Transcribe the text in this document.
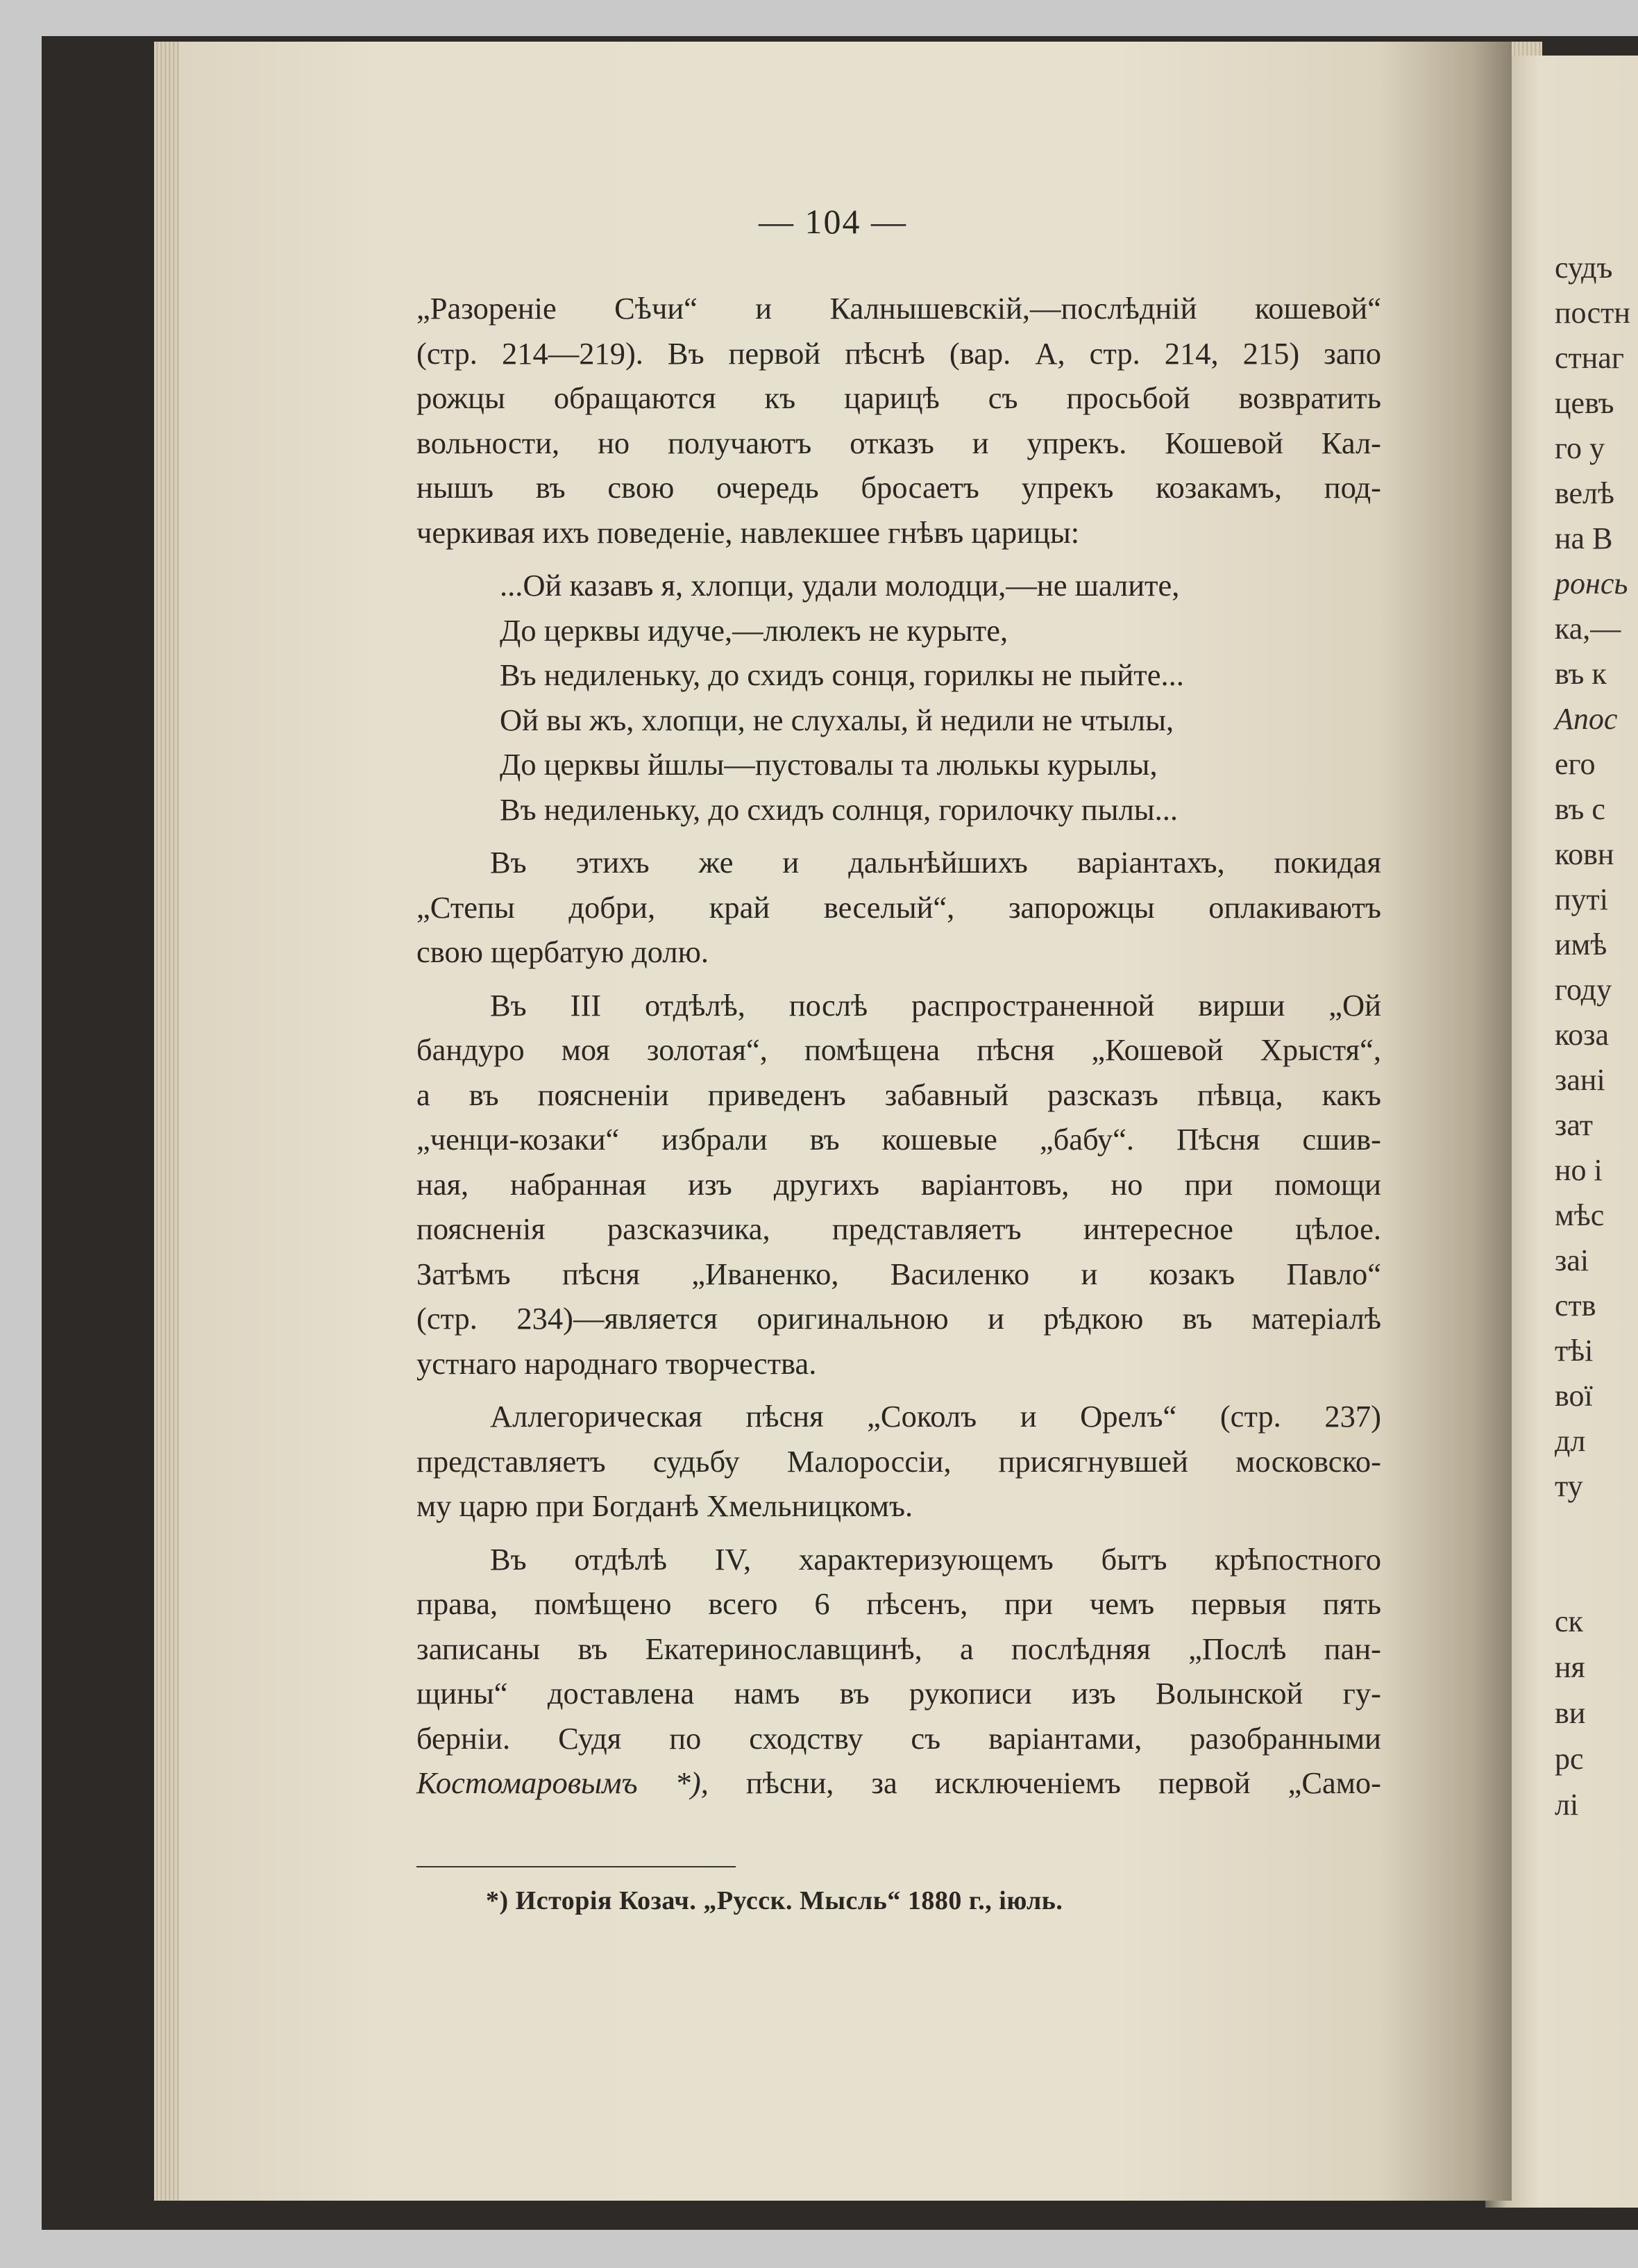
судъ
постн
стнаг
цевъ
го у
велѣ
на В
ронсь
ка,—
въ к
Апос
его
въ с
ковн
путі
имѣ
году
коза
зані
зат
но і
мѣс
заі
ств
тѣі
вої
дл
ту
ск
ня
ви
рс
лі
— 104 —
„Разореніе Сѣчи“ и Калнышевскій,—послѣдній кошевой“
(стр. 214—219). Въ первой пѣснѣ (вар. А, стр. 214, 215) запо
рожцы обращаются къ царицѣ съ просьбой возвратить
вольности, но получаютъ отказъ и упрекъ. Кошевой Кал-
нышъ въ свою очередь бросаетъ упрекъ козакамъ, под-
черкивая ихъ поведеніе, навлекшее гнѣвъ царицы:
...Ой казавъ я, хлопци, удали молодци,—не шалите,
До церквы идуче,—люлекъ не курыте,
Въ недиленьку, до схидъ сонця, горилкы не пыйте...
Ой вы жъ, хлопци, не слухалы, й недили не чтылы,
До церквы йшлы—пустовалы та люлькы курылы,
Въ недиленьку, до схидъ солнця, горилочку пылы...
Въ этихъ же и дальнѣйшихъ варіантахъ, покидая
„Степы добри, край веселый“, запорожцы оплакиваютъ
свою щербатую долю.
Въ III отдѣлѣ, послѣ распространенной вирши „Ой
бандуро моя золотая“, помѣщена пѣсня „Кошевой Хрыстя“,
а въ поясненіи приведенъ забавный разсказъ пѣвца, какъ
„ченци-козаки“ избрали въ кошевые „бабу“. Пѣсня сшив-
ная, набранная изъ другихъ варіантовъ, но при помощи
поясненія разсказчика, представляетъ интересное цѣлое.
Затѣмъ пѣсня „Иваненко, Василенко и козакъ Павло“
(стр. 234)—является оригинальною и рѣдкою въ матеріалѣ
устнаго народнаго творчества.
Аллегорическая пѣсня „Соколъ и Орелъ“ (стр. 237)
представляетъ судьбу Малороссіи, присягнувшей московско-
му царю при Богданѣ Хмельницкомъ.
Въ отдѣлѣ IV, характеризующемъ бытъ крѣпостного
права, помѣщено всего 6 пѣсенъ, при чемъ первыя пять
записаны въ Екатеринославщинѣ, а послѣдняя „Послѣ пан-
щины“ доставлена намъ въ рукописи изъ Волынской гу-
берніи. Судя по сходству съ варіантами, разобранными
Костомаровымъ *), пѣсни, за исключеніемъ первой „Само-
*) Исторія Козач. „Русск. Мысль“ 1880 г., іюль.
